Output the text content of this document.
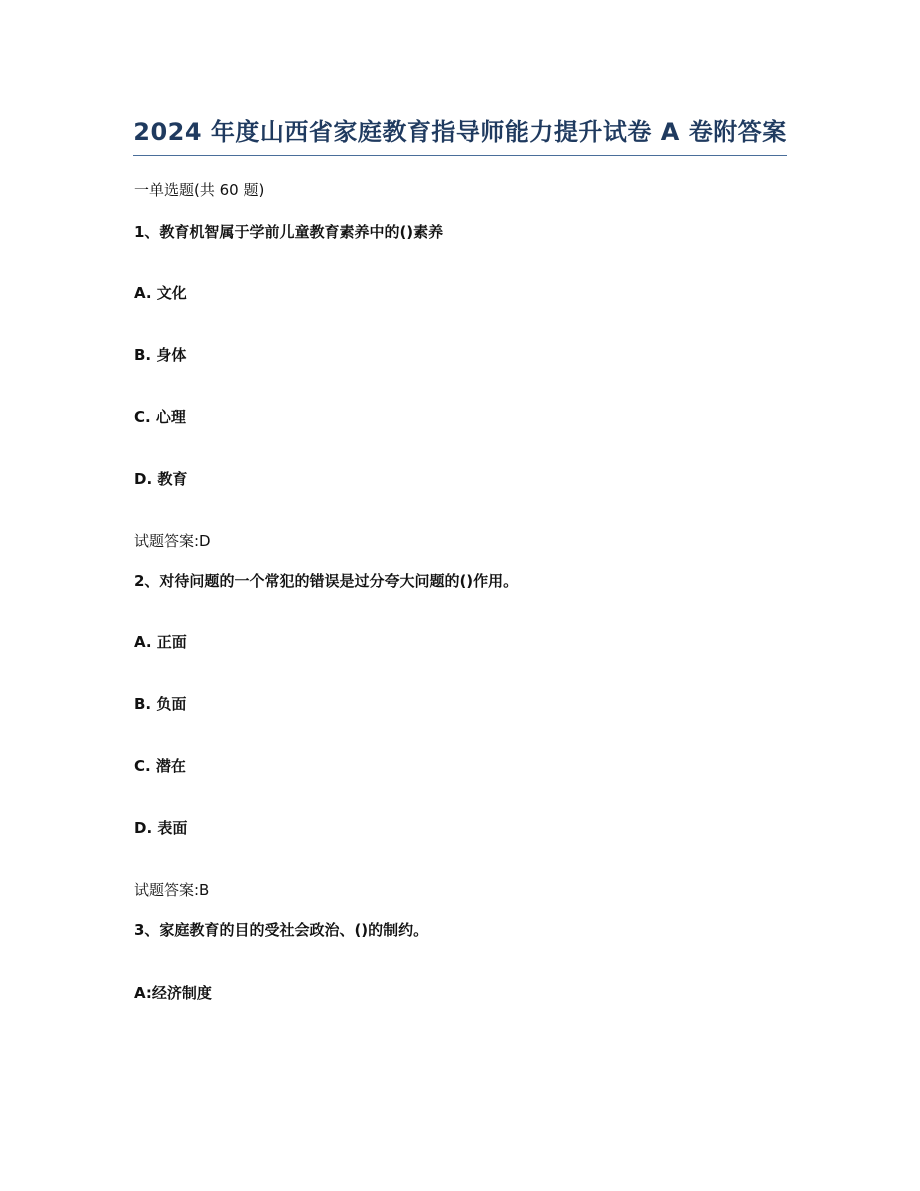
2024 年度山西省家庭教育指导师能力提升试卷 A 卷附答案
一单选题(共 60 题)
1、教育机智属于学前儿童教育素养中的()素养
A. 文化
B. 身体
C. 心理
D. 教育
试题答案:D
2、对待问题的一个常犯的错误是过分夸大问题的()作用。
A. 正面
B. 负面
C. 潜在
D. 表面
试题答案:B
3、家庭教育的目的受社会政治、()的制约。
A:经济制度
